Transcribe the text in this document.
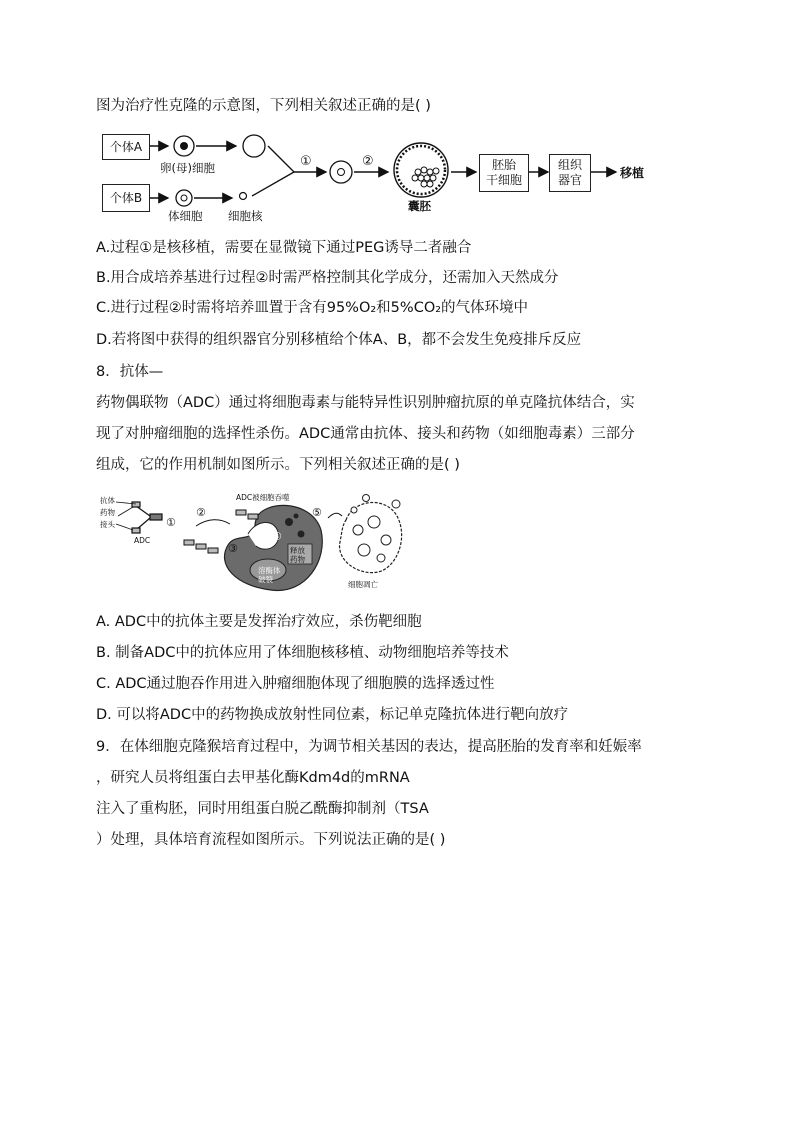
图为治疗性克隆的示意图，下列相关叙述正确的是( )
个体A
个体B
卵(母)细胞
体细胞 细胞核
①	②
囊胚
胚胎
干细胞
组织
器官	移植
A.过程①是核移植，需要在显微镜下通过PEG诱导二者融合
B.用合成培养基进行过程②时需严格控制其化学成分，还需加入天然成分
C.进行过程②时需将培养皿置于含有95%O₂和5%CO₂的气体环境中
D.若将图中获得的组织器官分别移植给个体A、B，都不会发生免疫排斥反应
8．抗体—
药物偶联物（ADC）通过将细胞毒素与能特异性识别肿瘤抗原的单克隆抗体结合，实
现了对肿瘤细胞的选择性杀伤。ADC通常由抗体、接头和药物（如细胞毒素）三部分
组成，它的作用机制如图所示。下列相关叙述正确的是( )
抗体
药物
接头
ADC
①
②
ADC被细胞吞噬
③
④
释放
药物
溶酶体
破裂
⑤
细胞凋亡
A. ADC中的抗体主要是发挥治疗效应，杀伤靶细胞
B. 制备ADC中的抗体应用了体细胞核移植、动物细胞培养等技术
C. ADC通过胞吞作用进入肿瘤细胞体现了细胞膜的选择透过性
D. 可以将ADC中的药物换成放射性同位素，标记单克隆抗体进行靶向放疗
9．在体细胞克隆猴培育过程中，为调节相关基因的表达，提高胚胎的发育率和妊娠率
，研究人员将组蛋白去甲基化酶Kdm4d的mRNA
注入了重构胚，同时用组蛋白脱乙酰酶抑制剂（TSA
）处理，具体培育流程如图所示。下列说法正确的是( )
